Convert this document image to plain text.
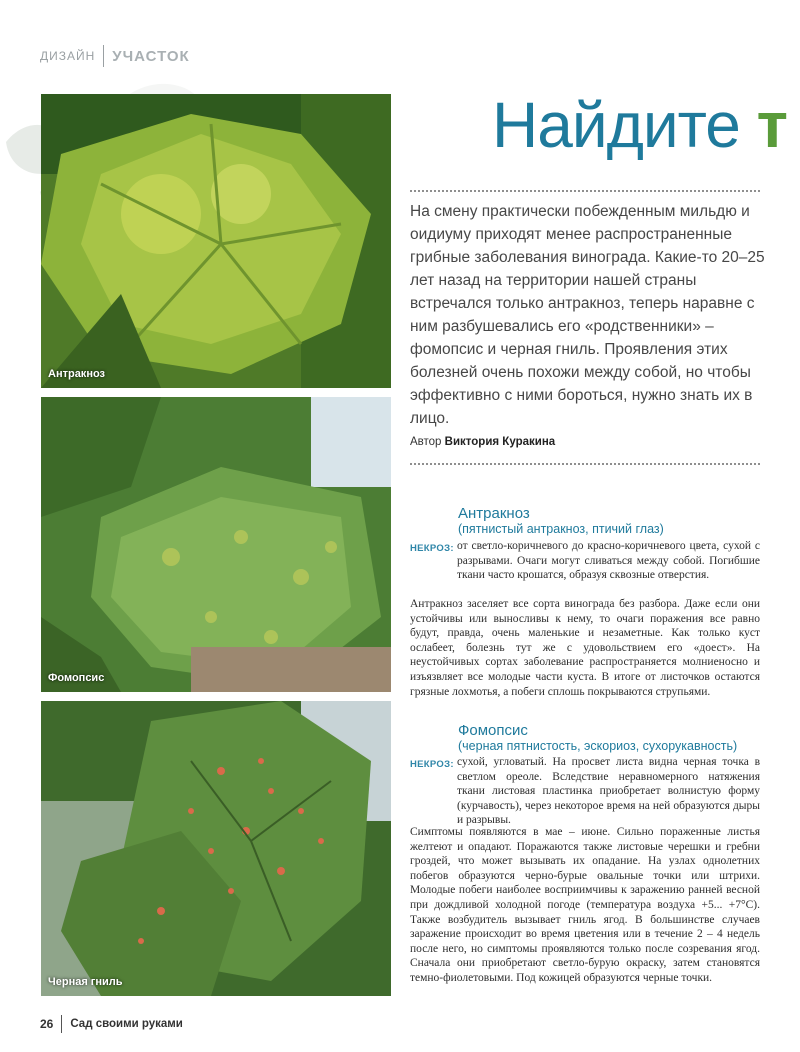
ДИЗАЙН УЧАСТОК
Антракноз
Фомопсис
Черная гниль
Найдите т
На смену практически побежденным мильдю и оидиуму приходят менее распространенные грибные заболевания винограда. Какие-то 20–25 лет назад на территории нашей страны встречался только антракноз, теперь наравне с ним разбушевались его «родственники» – фомопсис и черная гниль. Проявления этих болезней очень похожи между собой, но чтобы эффективно с ними бороться, нужно знать их в лицо.
Автор Виктория Куракина
Антракноз
(пятнистый антракноз, птичий глаз)
НЕКРОЗ: от светло-коричневого до красно-коричневого цвета, сухой с разрывами. Очаги могут сливаться между собой. Погибшие ткани часто крошатся, образуя сквозные отверстия.
Антракноз заселяет все сорта винограда без разбора. Даже если они устойчивы или выносливы к нему, то очаги поражения все равно будут, правда, очень маленькие и незаметные. Как только куст ослабеет, болезнь тут же с удовольствием его «доест». На неустойчивых сортах заболевание распространяется молниеносно и изъязвляет все молодые части куста. В итоге от листочков остаются грязные лохмотья, а побеги сплошь покрываются струпьями.
Фомопсис
(черная пятнистость, эскориоз, сухорукавность)
НЕКРОЗ: сухой, угловатый. На просвет листа видна черная точка в светлом ореоле. Вследствие неравномерного натяжения ткани листовая пластинка приобретает волнистую форму (курчавость), через некоторое время на ней образуются дыры и разрывы.
Симптомы появляются в мае – июне. Сильно пораженные листья желтеют и опадают. Поражаются также листовые черешки и гребни гроздей, что может вызывать их опадание. На узлах однолетних побегов образуются черно-бурые овальные точки или штрихи. Молодые побеги наиболее восприимчивы к заражению ранней весной при дождливой холодной погоде (температура воздуха +5... +7°С). Также возбудитель вызывает гниль ягод. В большинстве случаев заражение происходит во время цветения или в течение 2 – 4 недель после него, но симптомы проявляются только после созревания ягод. Сначала они приобретают светло-бурую окраску, затем становятся темно-фиолетовыми. Под кожицей образуются черные точки.
26 Сад своими руками
